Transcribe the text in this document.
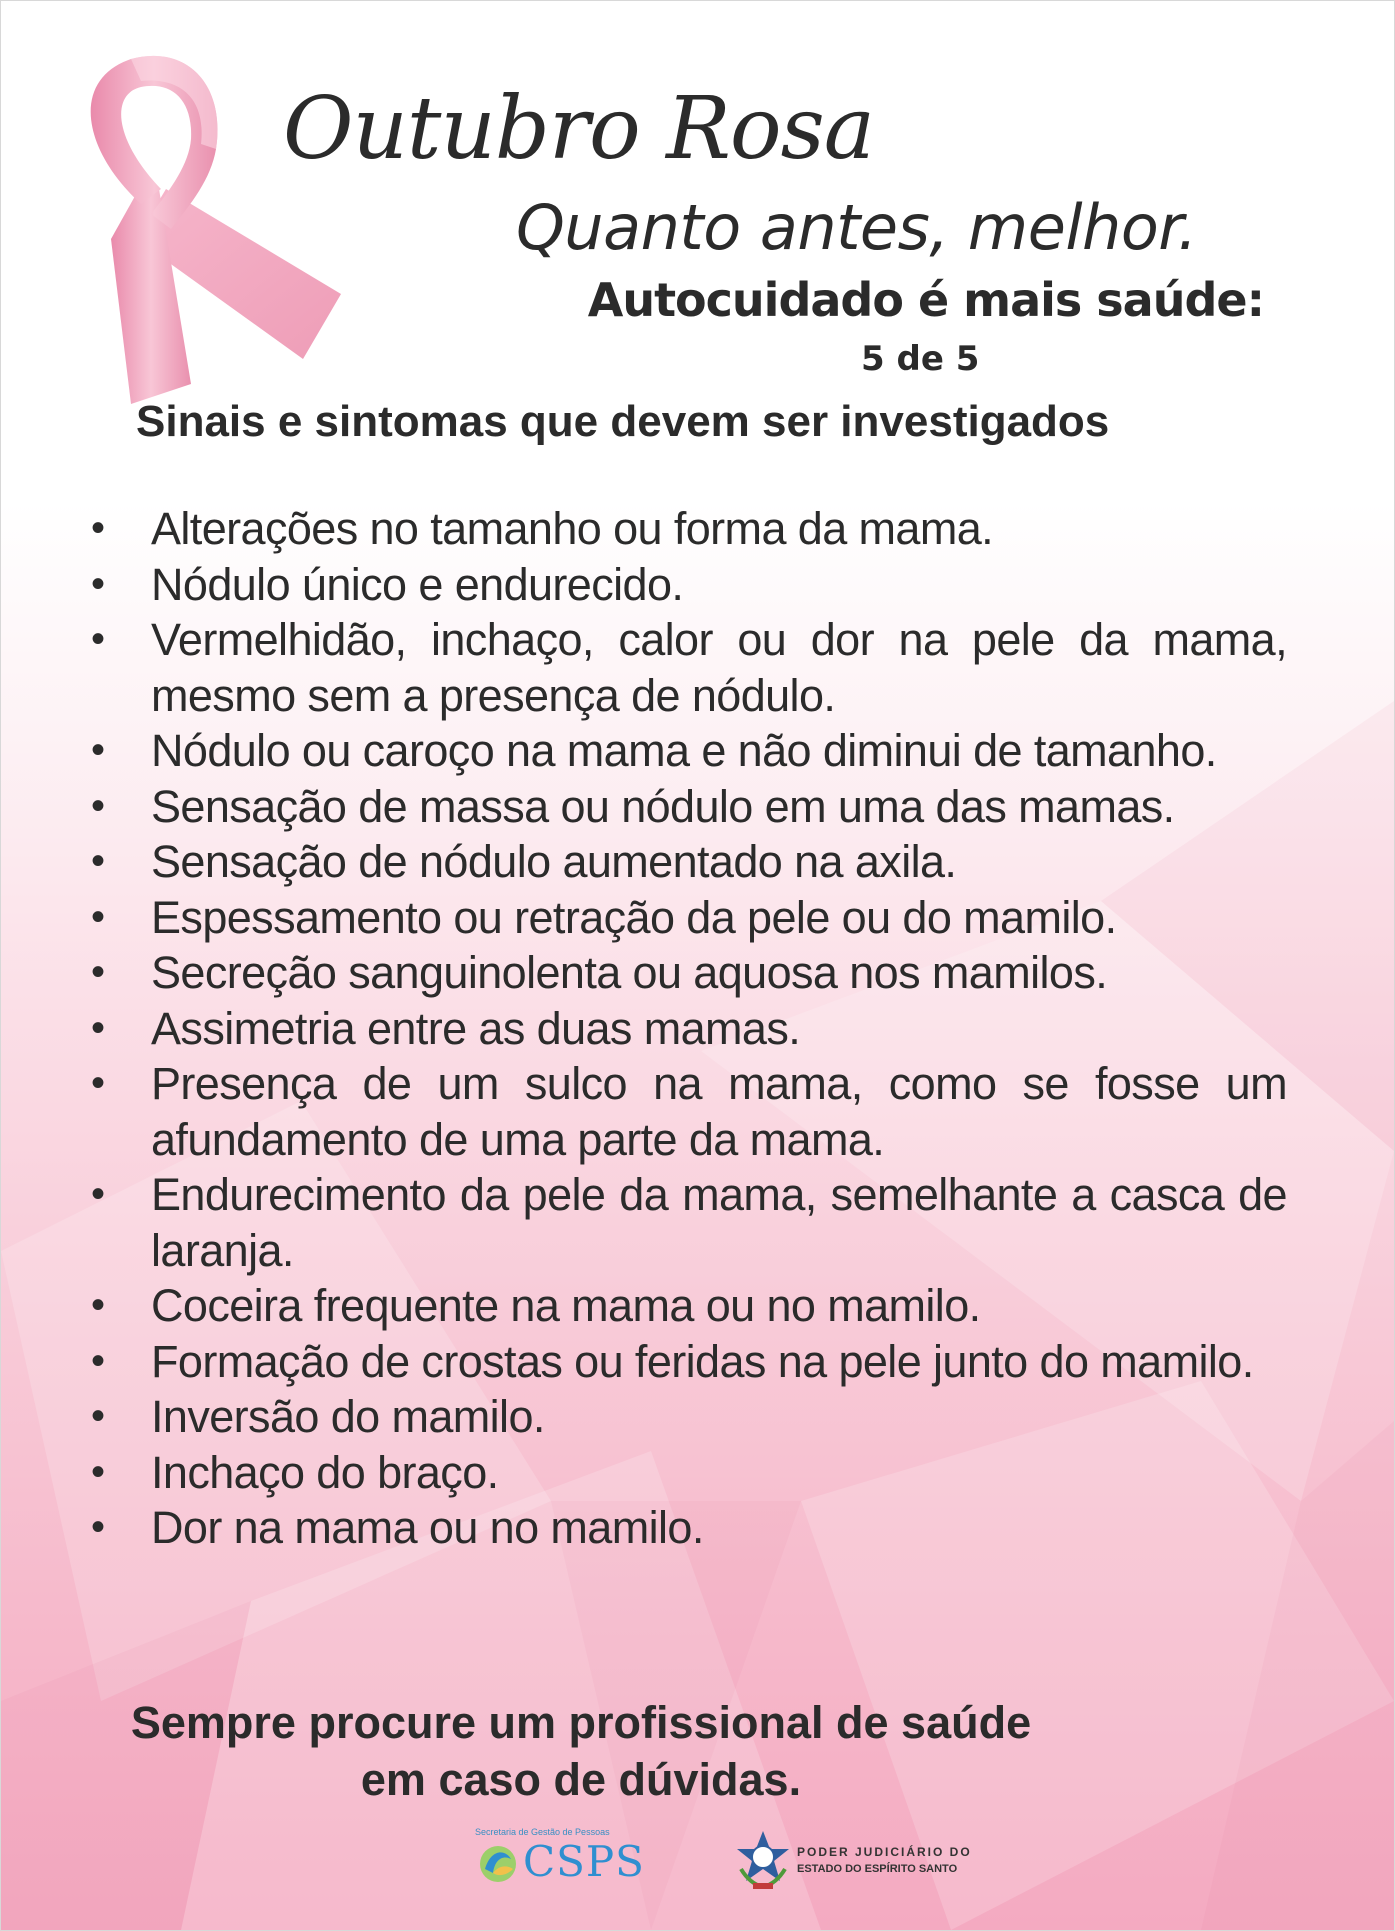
Outubro Rosa
Quanto antes, melhor.
Autocuidado é mais saúde:
5 de 5
Sinais e sintomas que devem ser investigados
• Alterações no tamanho ou forma da mama.
• Nódulo único e endurecido.
• Vermelhidão, inchaço, calor ou dor na pele da mama, mesmo sem a presença de nódulo.
• Nódulo ou caroço na mama e não diminui de tamanho.
• Sensação de massa ou nódulo em uma das mamas.
• Sensação de nódulo aumentado na axila.
• Espessamento ou retração da pele ou do mamilo.
• Secreção sanguinolenta ou aquosa nos mamilos.
• Assimetria entre as duas mamas.
• Presença de um sulco na mama, como se fosse um afundamento de uma parte da mama.
• Endurecimento da pele da mama, semelhante a casca de laranja.
• Coceira frequente na mama ou no mamilo.
• Formação de crostas ou feridas na pele junto do mamilo.
• Inversão do mamilo.
• Inchaço do braço.
• Dor na mama ou no mamilo.
Sempre procure um profissional de saúde
em caso de dúvidas.
Secretaria de Gestão de Pessoas
CSPS	PODER JUDICIÁRIO DO
ESTADO DO ESPÍRITO SANTO
